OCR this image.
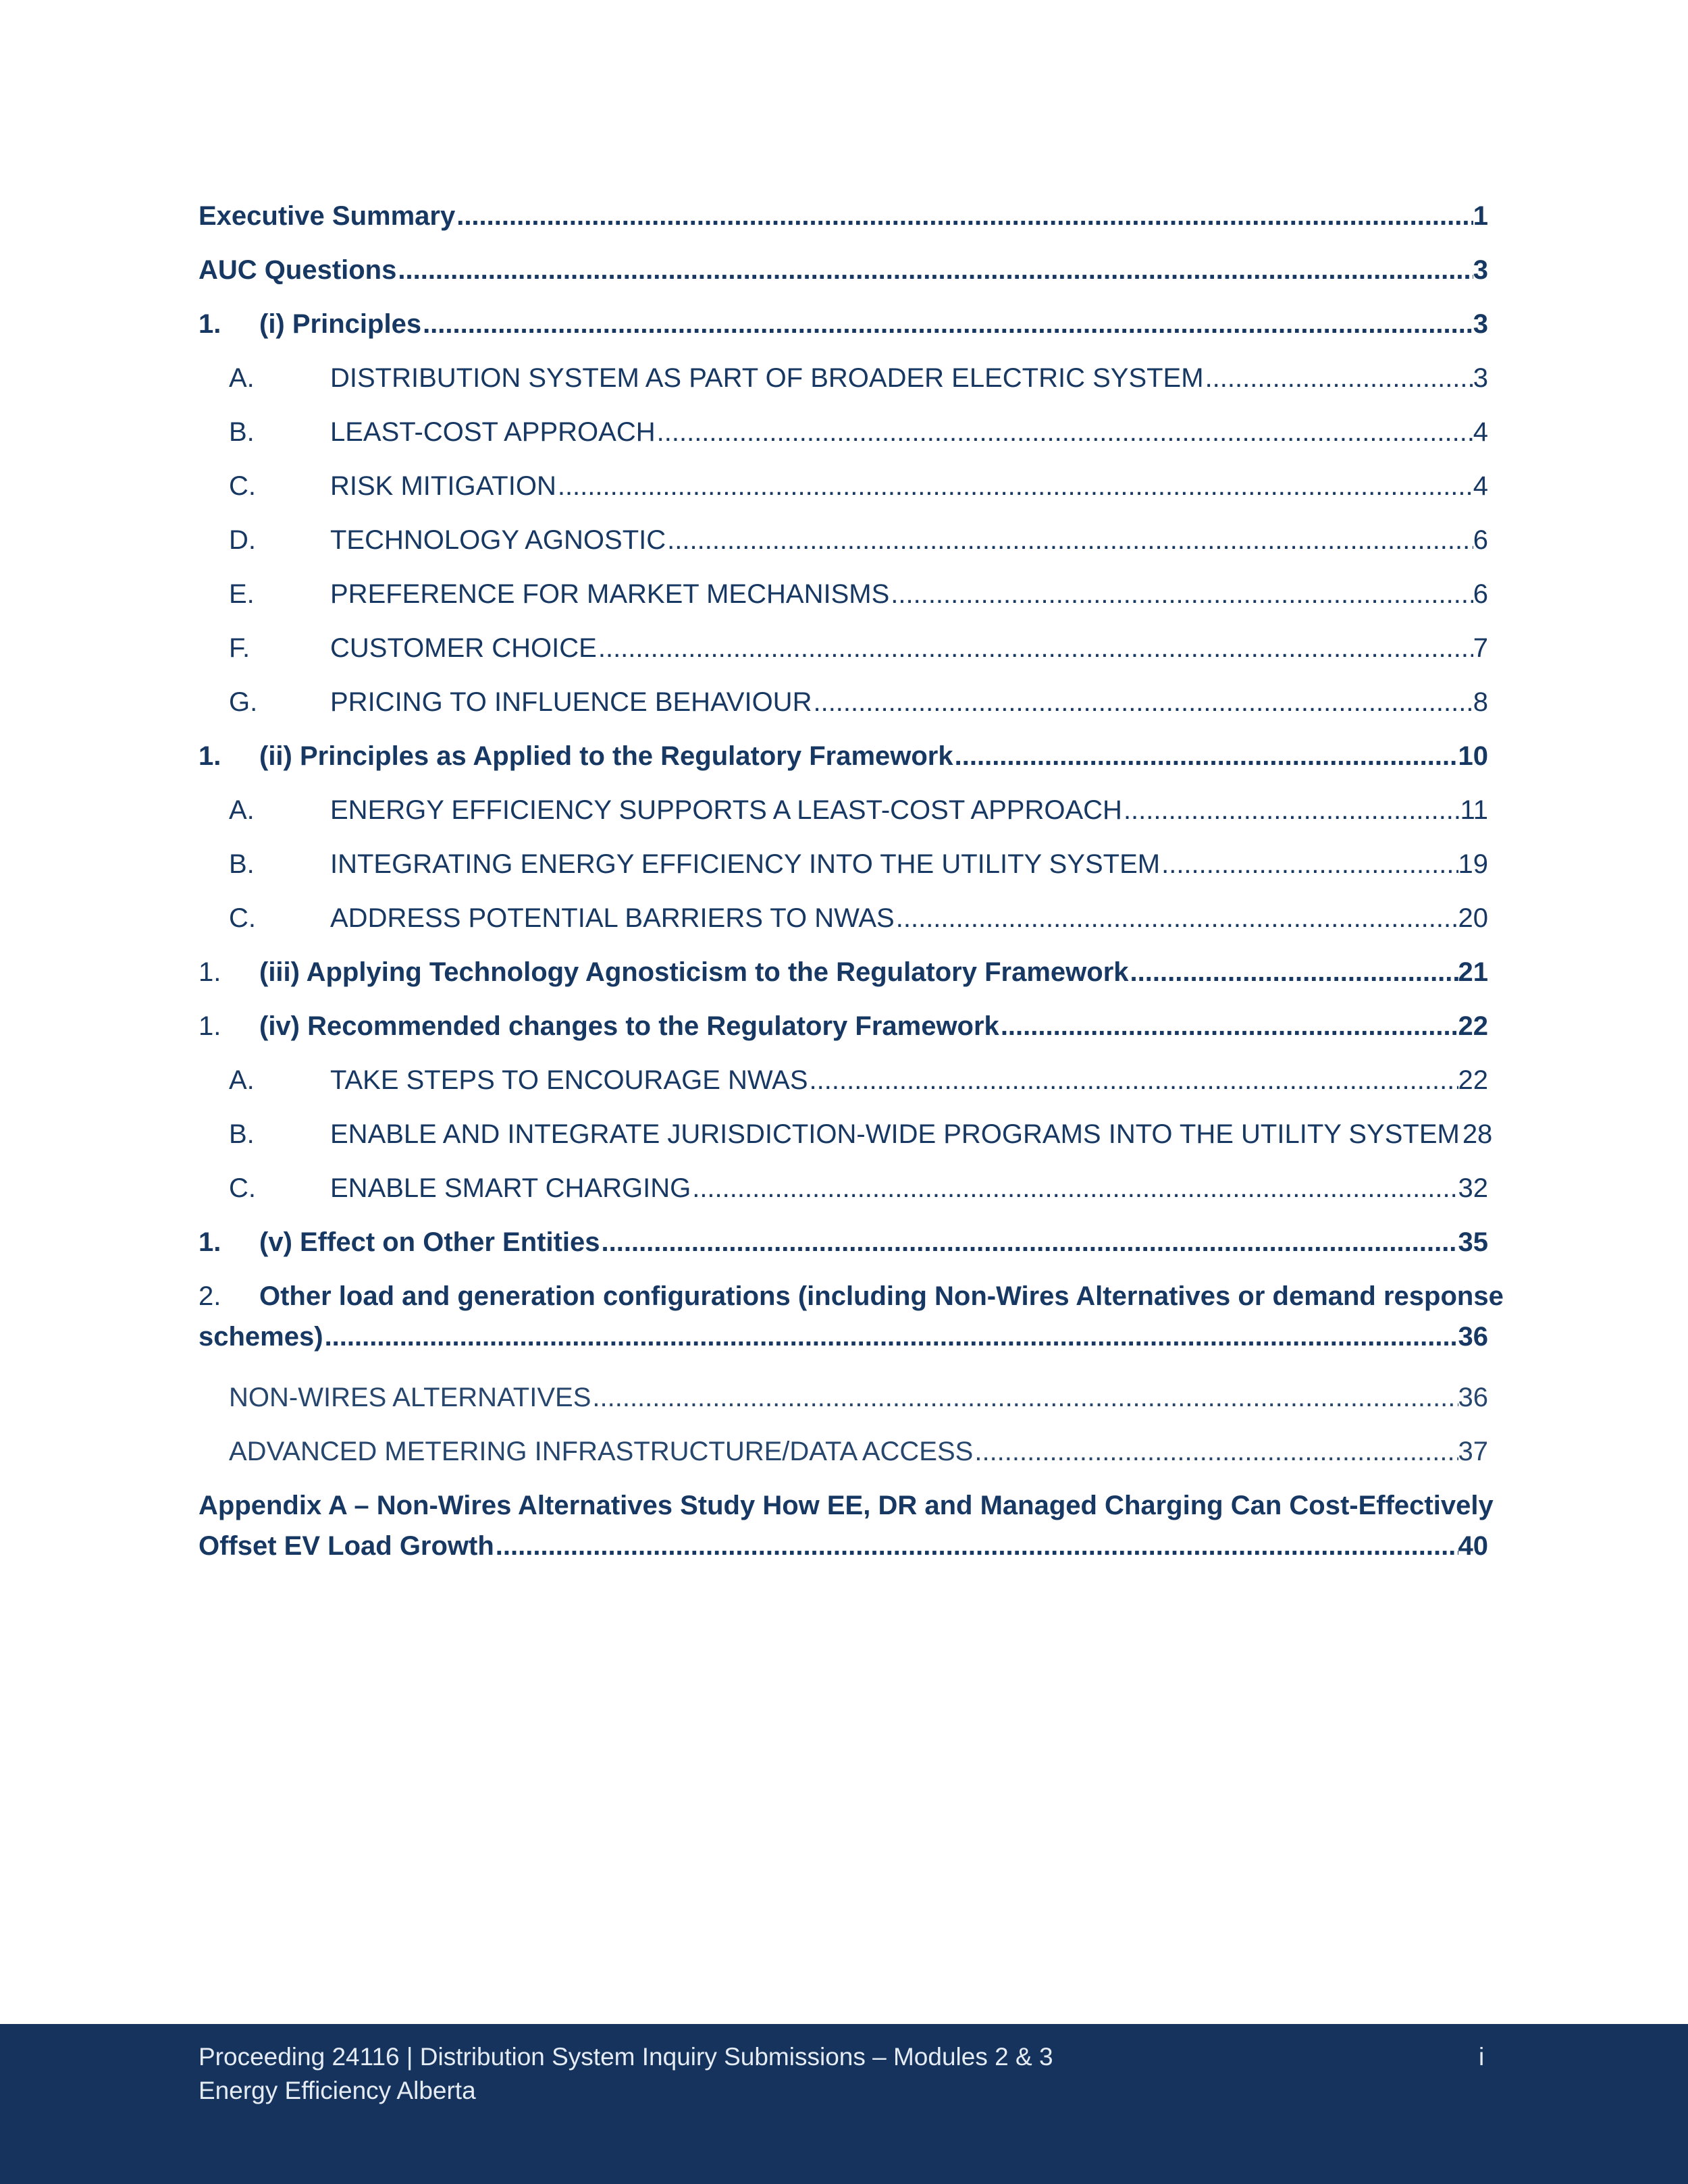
Executive Summary .....	1
AUC Questions .....	3
1.	(i) Principles .....	3
A.	DISTRIBUTION SYSTEM AS PART OF BROADER ELECTRIC SYSTEM .....	3
B.	LEAST-COST APPROACH .....	4
C.	RISK MITIGATION .....	4
D.	TECHNOLOGY AGNOSTIC .....	6
E.	PREFERENCE FOR MARKET MECHANISMS .....	6
F.	CUSTOMER CHOICE .....	7
G.	PRICING TO INFLUENCE BEHAVIOUR .....	8
1.	(ii) Principles as Applied to the Regulatory Framework .....	10
A.	ENERGY EFFICIENCY SUPPORTS A LEAST-COST APPROACH .....	11
B.	INTEGRATING ENERGY EFFICIENCY INTO THE UTILITY SYSTEM .....	19
C.	ADDRESS POTENTIAL BARRIERS TO NWAS .....	20
1.	(iii) Applying Technology Agnosticism to the Regulatory Framework .....	21
1.	(iv) Recommended changes to the Regulatory Framework .....	22
A.	TAKE STEPS TO ENCOURAGE NWAS .....	22
B.	ENABLE AND INTEGRATE JURISDICTION-WIDE PROGRAMS INTO THE UTILITY SYSTEM ..... 28
C.	ENABLE SMART CHARGING .....	32
1.	(v) Effect on Other Entities .....	35
2. Other load and generation configurations (including Non-Wires Alternatives or demand response
schemes) .....	36
NON-WIRES ALTERNATIVES .....	36
ADVANCED METERING INFRASTRUCTURE/DATA ACCESS .....	37
Appendix A – Non-Wires Alternatives Study How EE, DR and Managed Charging Can Cost-Effectively
Offset EV Load Growth .....	40
Proceeding 24116 | Distribution System Inquiry Submissions – Modules 2 & 3
Energy Efficiency Alberta
i
